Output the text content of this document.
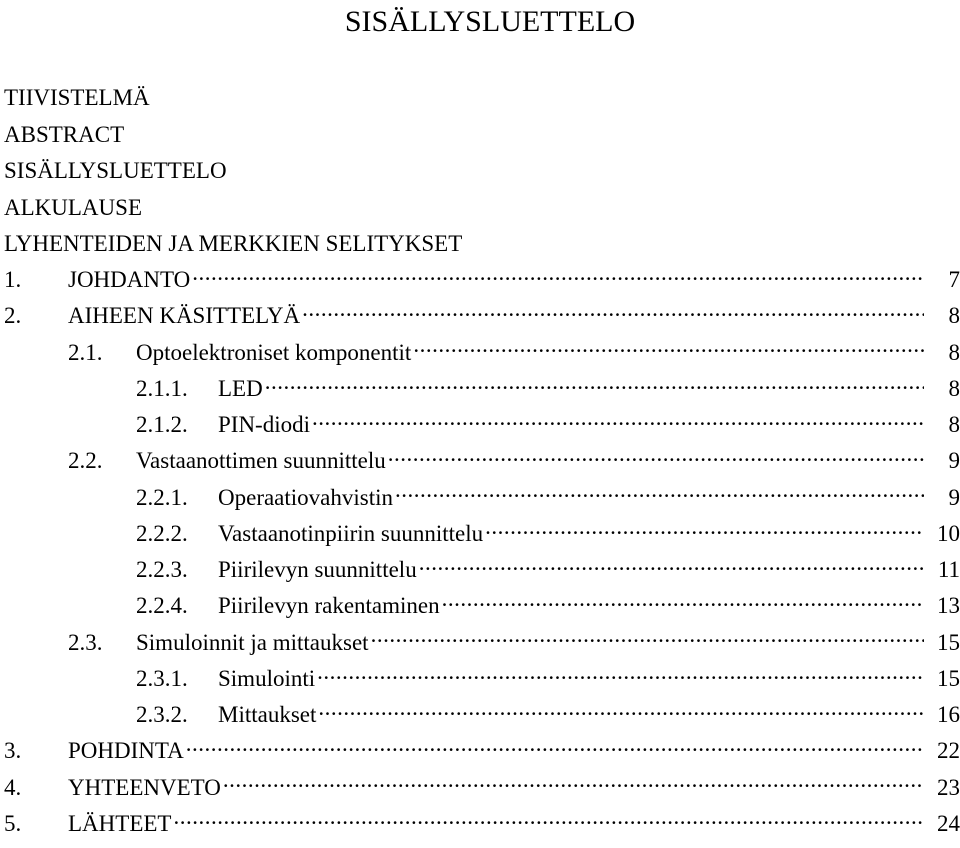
SISÄLLYSLUETTELO
TIIVISTELMÄ
ABSTRACT
SISÄLLYSLUETTELO
ALKULAUSE
LYHENTEIDEN JA MERKKIEN SELITYKSET
1.	JOHDANTO .....	7
2.	AIHEEN KÄSITTELYÄ .....	8
2.1.	Optoelektroniset komponentit .....	8
2.1.1.	LED .....	8
2.1.2.	PIN-diodi .....	8
2.2.	Vastaanottimen suunnittelu .....	9
2.2.1.	Operaatiovahvistin .....	9
2.2.2.	Vastaanotinpiirin suunnittelu .....	10
2.2.3.	Piirilevyn suunnittelu .....	11
2.2.4.	Piirilevyn rakentaminen .....	13
2.3.	Simuloinnit ja mittaukset .....	15
2.3.1.	Simulointi .....	15
2.3.2.	Mittaukset .....	16
3.	POHDINTA .....	22
4.	YHTEENVETO .....	23
5.	LÄHTEET .....	24
